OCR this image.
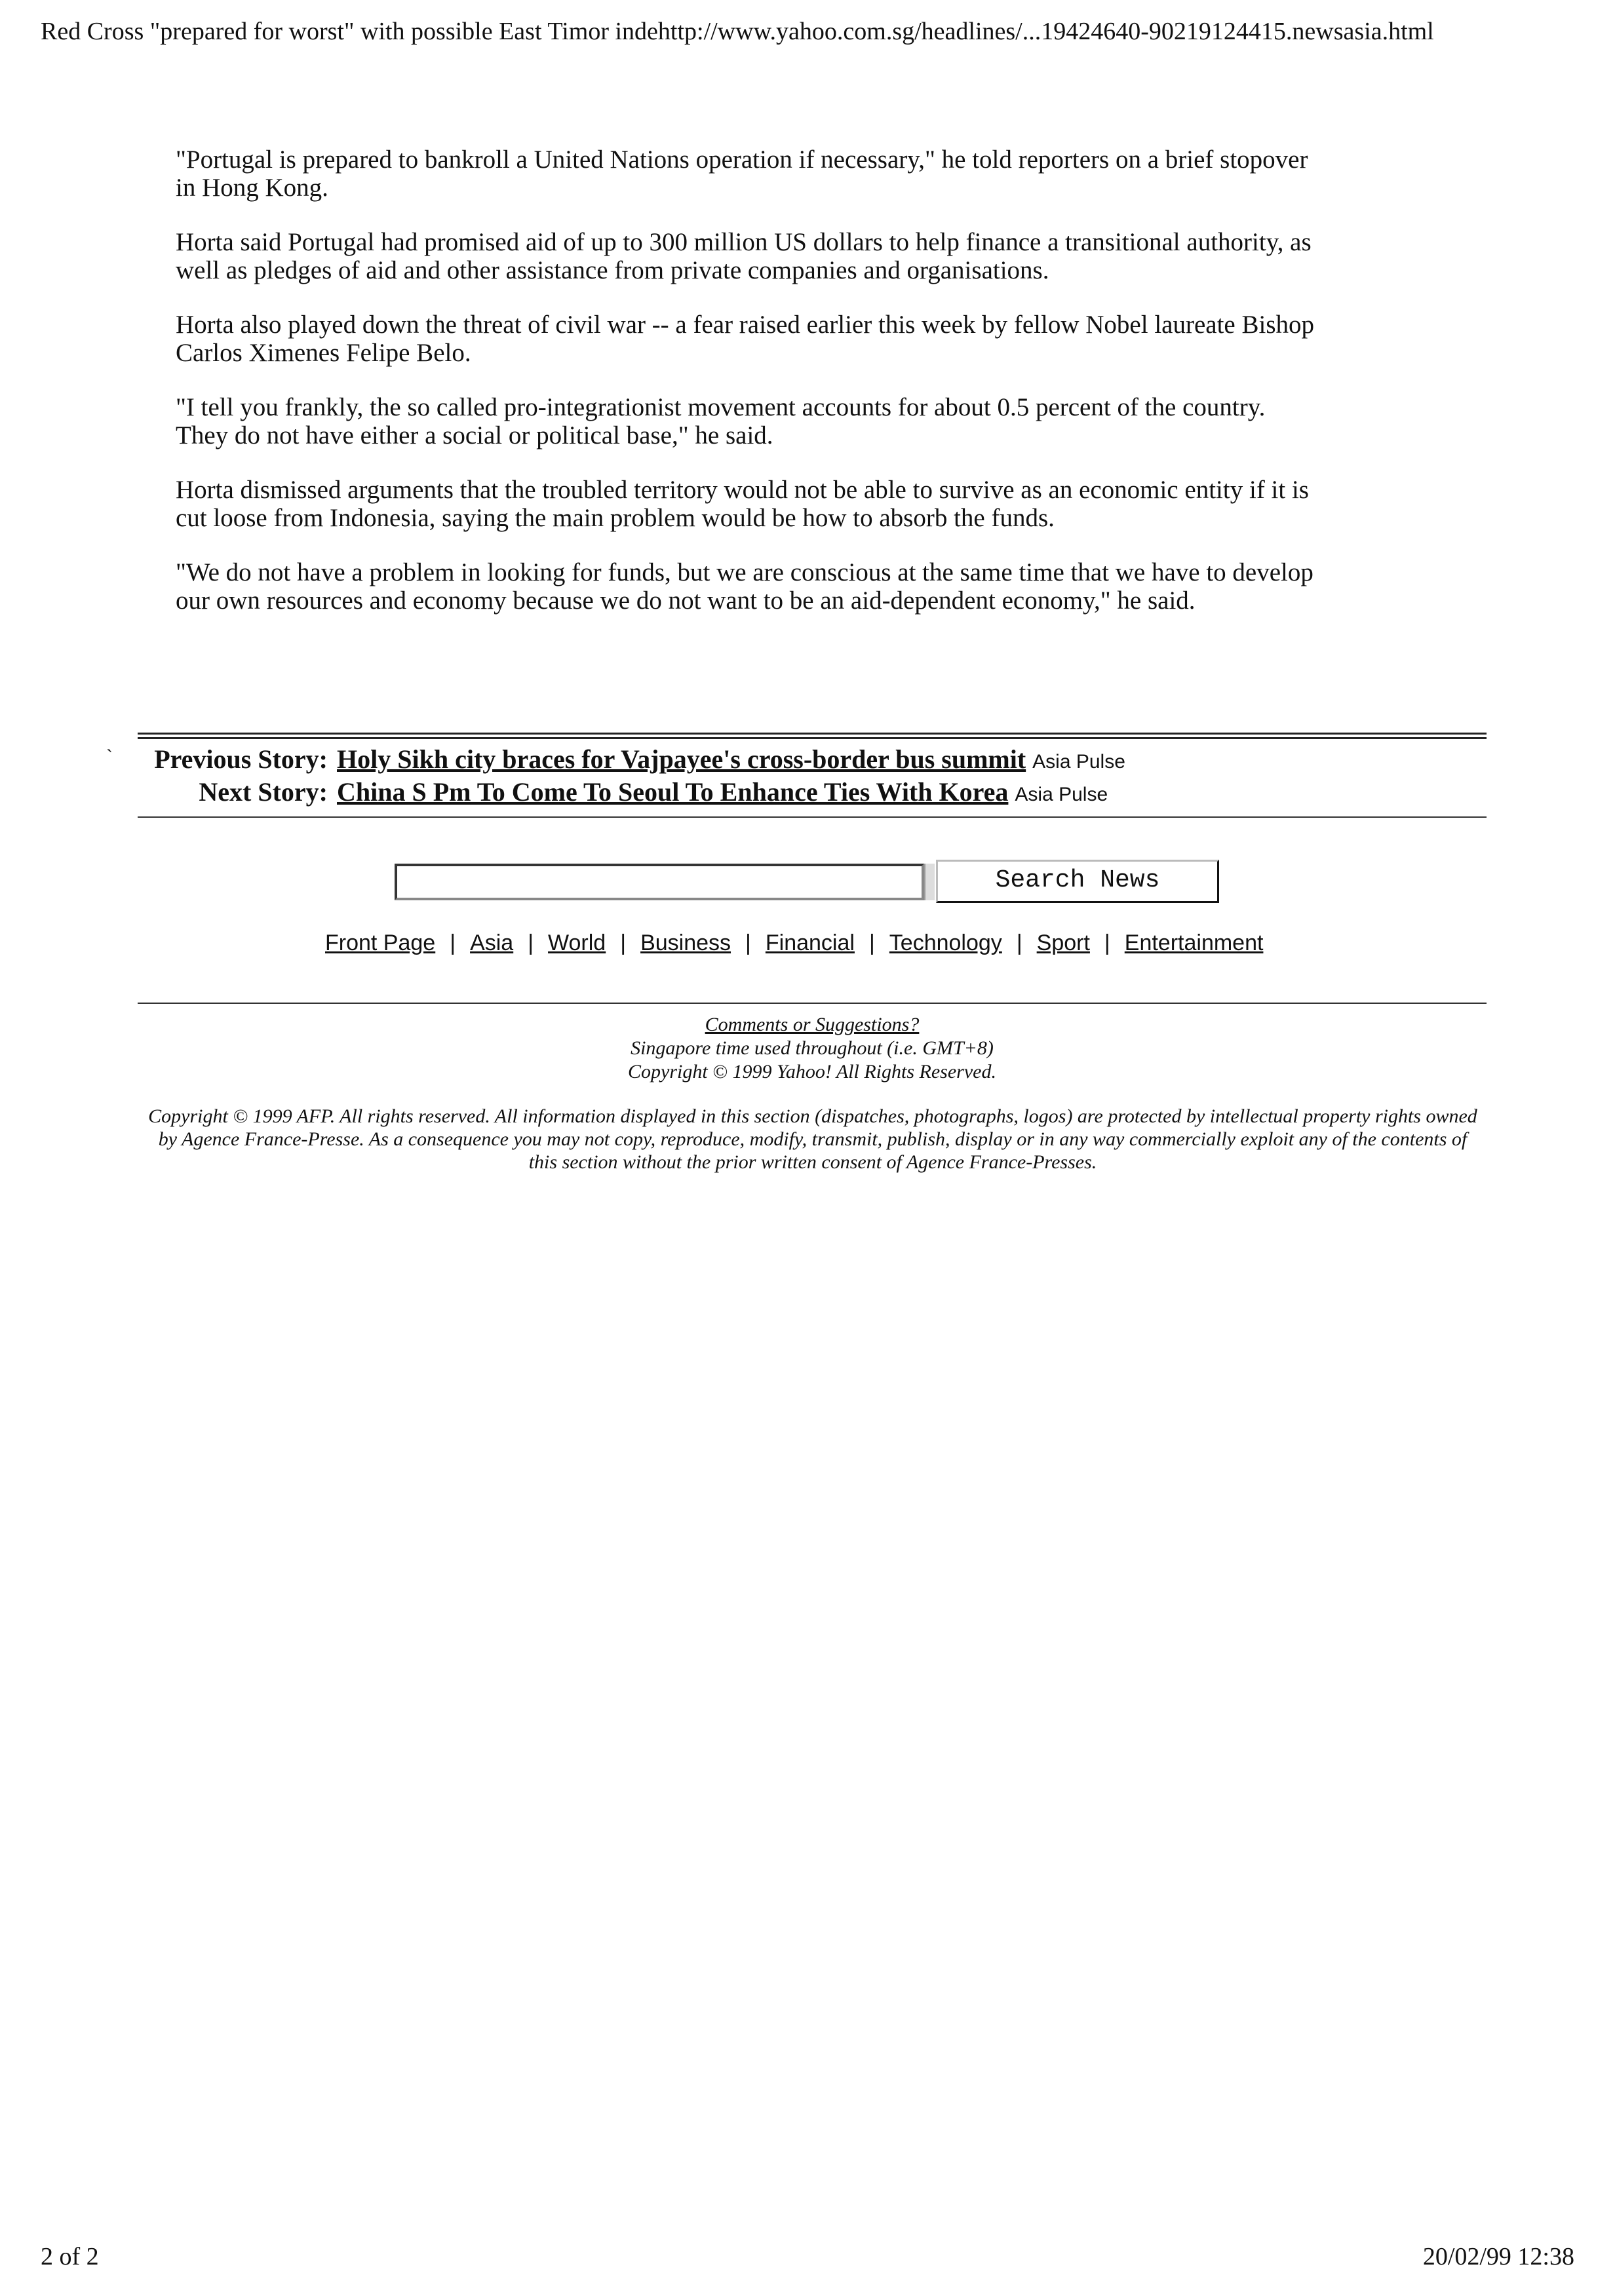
Red Cross "prepared for worst" with possible East Timor indehttp://www.yahoo.com.sg/headlines/...19424640-90219124415.newsasia.html

"Portugal is prepared to bankroll a United Nations operation if necessary," he told reporters on a brief stopover in Hong Kong.

Horta said Portugal had promised aid of up to 300 million US dollars to help finance a transitional authority, as well as pledges of aid and other assistance from private companies and organisations.

Horta also played down the threat of civil war -- a fear raised earlier this week by fellow Nobel laureate Bishop Carlos Ximenes Felipe Belo.

"I tell you frankly, the so called pro-integrationist movement accounts for about 0.5 percent of the country. They do not have either a social or political base," he said.

Horta dismissed arguments that the troubled territory would not be able to survive as an economic entity if it is cut loose from Indonesia, saying the main problem would be how to absorb the funds.

"We do not have a problem in looking for funds, but we are conscious at the same time that we have to develop our own resources and economy because we do not want to be an aid-dependent economy," he said.

`	Previous Story: Holy Sikh city braces for Vajpayee's cross-border bus summit Asia Pulse
Next Story: China S Pm To Come To Seoul To Enhance Ties With Korea Asia Pulse
Search News
Front Page | Asia | World | Business | Financial | Technology | Sport | Entertainment
Comments or Suggestions?
Singapore time used throughout (i.e. GMT+8)
Copyright © 1999 Yahoo! All Rights Reserved.
Copyright © 1999 AFP. All rights reserved. All information displayed in this section (dispatches, photographs, logos) are protected by intellectual property rights owned by Agence France-Presse. As a consequence you may not copy, reproduce, modify, transmit, publish, display or in any way commercially exploit any of the contents of this section without the prior written consent of Agence France-Presses.
2 of 2	20/02/99 12:38
